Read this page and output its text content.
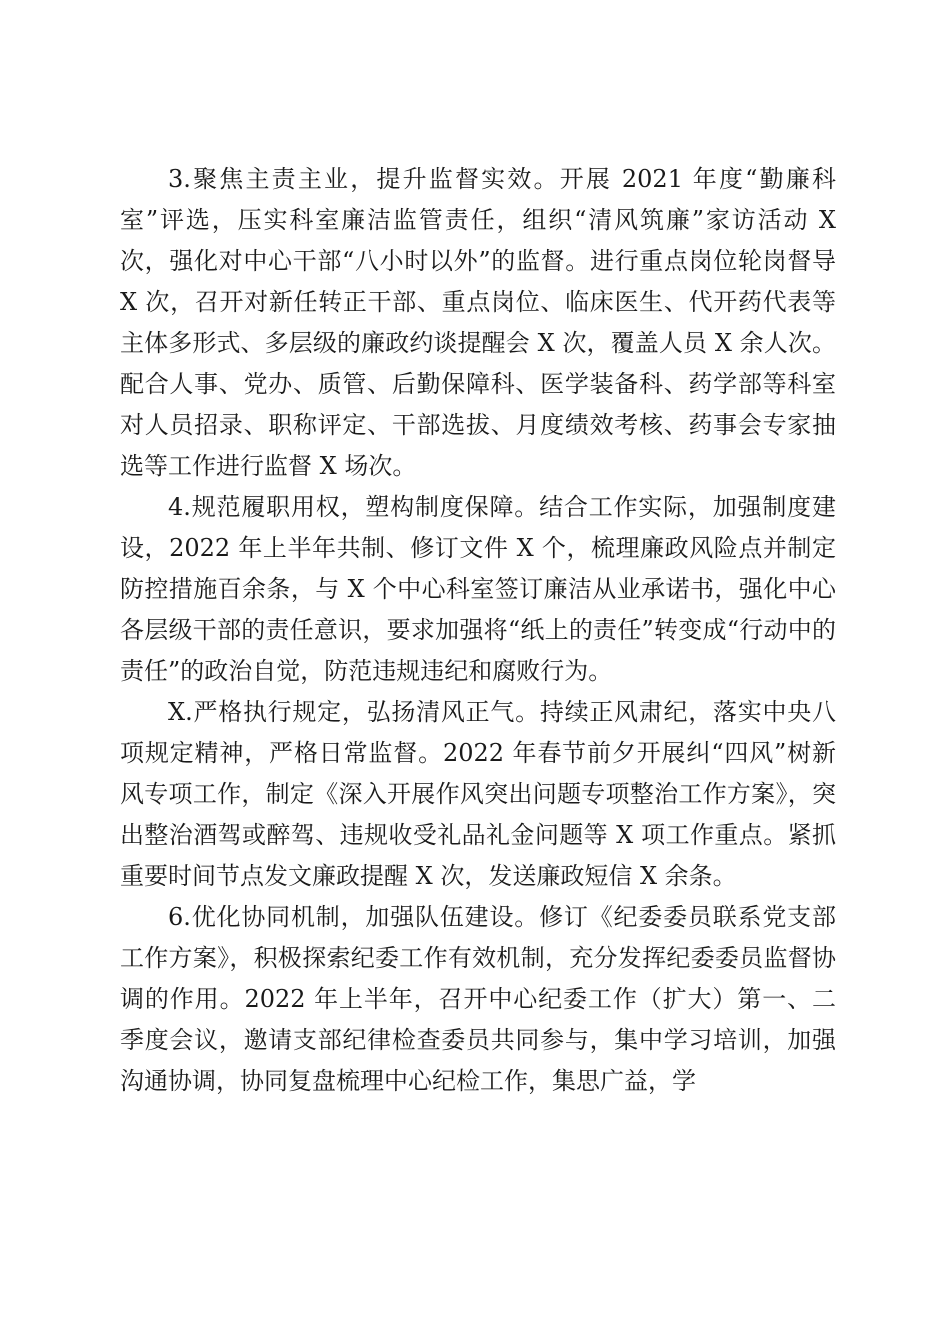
3.聚焦主责主业，提升监督实效。开展 2021 年度“勤廉科室”评选，压实科室廉洁监管责任，组织“清风筑廉”家访活动 X 次，强化对中心干部“八小时以外”的监督。进行重点岗位轮岗督导 X 次，召开对新任转正干部、重点岗位、临床医生、代开药代表等主体多形式、多层级的廉政约谈提醒会 X 次，覆盖人员 X 余人次。配合人事、党办、质管、后勤保障科、医学装备科、药学部等科室对人员招录、职称评定、干部选拔、月度绩效考核、药事会专家抽选等工作进行监督 X 场次。

4.规范履职用权，塑构制度保障。结合工作实际，加强制度建设，2022 年上半年共制、修订文件 X 个，梳理廉政风险点并制定防控措施百余条，与 X 个中心科室签订廉洁从业承诺书，强化中心各层级干部的责任意识，要求加强将“纸上的责任”转变成“行动中的责任”的政治自觉，防范违规违纪和腐败行为。

X.严格执行规定，弘扬清风正气。持续正风肃纪，落实中央八项规定精神，严格日常监督。2022 年春节前夕开展纠“四风”树新风专项工作，制定《深入开展作风突出问题专项整治工作方案》，突出整治酒驾或醉驾、违规收受礼品礼金问题等 X 项工作重点。紧抓重要时间节点发文廉政提醒 X 次，发送廉政短信 X 余条。

6.优化协同机制，加强队伍建设。修订《纪委委员联系党支部工作方案》，积极探索纪委工作有效机制，充分发挥纪委委员监督协调的作用。2022 年上半年，召开中心纪委工作（扩大）第一、二季度会议，邀请支部纪律检查委员共同参与，集中学习培训，加强沟通协调，协同复盘梳理中心纪检工作，集思广益，学
